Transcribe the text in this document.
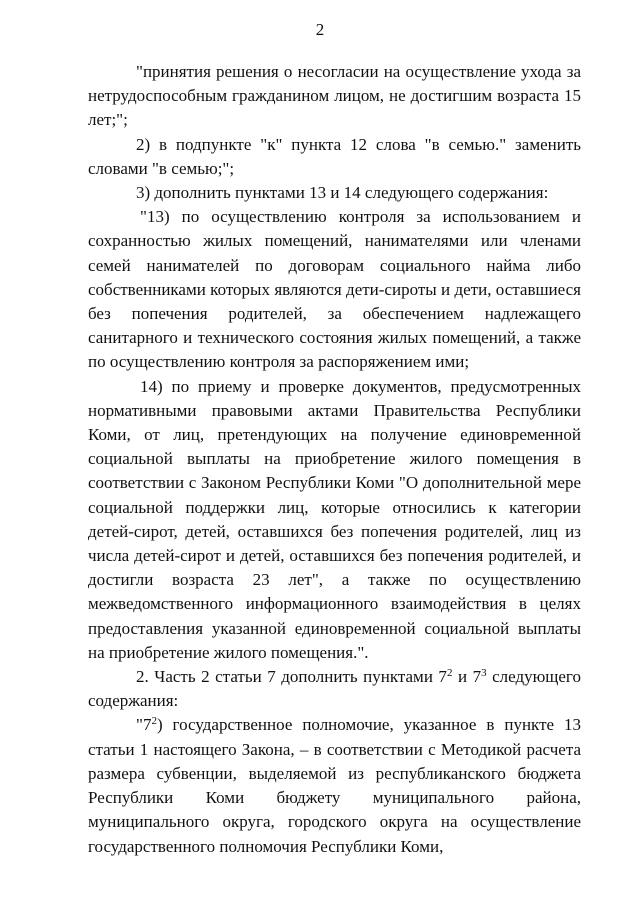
2

"принятия решения о несогласии на осуществление ухода за нетрудоспособным гражданином лицом, не достигшим возраста 15 лет;";

2) в подпункте "к" пункта 12 слова "в семью." заменить словами "в семью;";

3) дополнить пунктами 13 и 14 следующего содержания:

"13) по осуществлению контроля за использованием и сохранностью жилых помещений, нанимателями или членами семей нанимателей по договорам социального найма либо собственниками которых являются дети-сироты и дети, оставшиеся без попечения родителей, за обеспечением надлежащего санитарного и технического состояния жилых помещений, а также по осуществлению контроля за распоряжением ими;

14) по приему и проверке документов, предусмотренных нормативными правовыми актами Правительства Республики Коми, от лиц, претендующих на получение единовременной социальной выплаты на приобретение жилого помещения в соответствии с Законом Республики Коми "О дополнительной мере социальной поддержки лиц, которые относились к категории детей-сирот, детей, оставшихся без попечения родителей, лиц из числа детей-сирот и детей, оставшихся без попечения родителей, и достигли возраста 23 лет", а также по осуществлению межведомственного информационного взаимодействия в целях предоставления указанной единовременной социальной выплаты на приобретение жилого помещения.".

2. Часть 2 статьи 7 дополнить пунктами $7^2$ и $7^3$ следующего содержания:

"$7^2$) государственное полномочие, указанное в пункте 13 статьи 1 настоящего Закона, – в соответствии с Методикой расчета размера субвенции, выделяемой из республиканского бюджета Республики Коми бюджету муниципального района, муниципального округа, городского округа на осуществление государственного полномочия Республики Коми,
